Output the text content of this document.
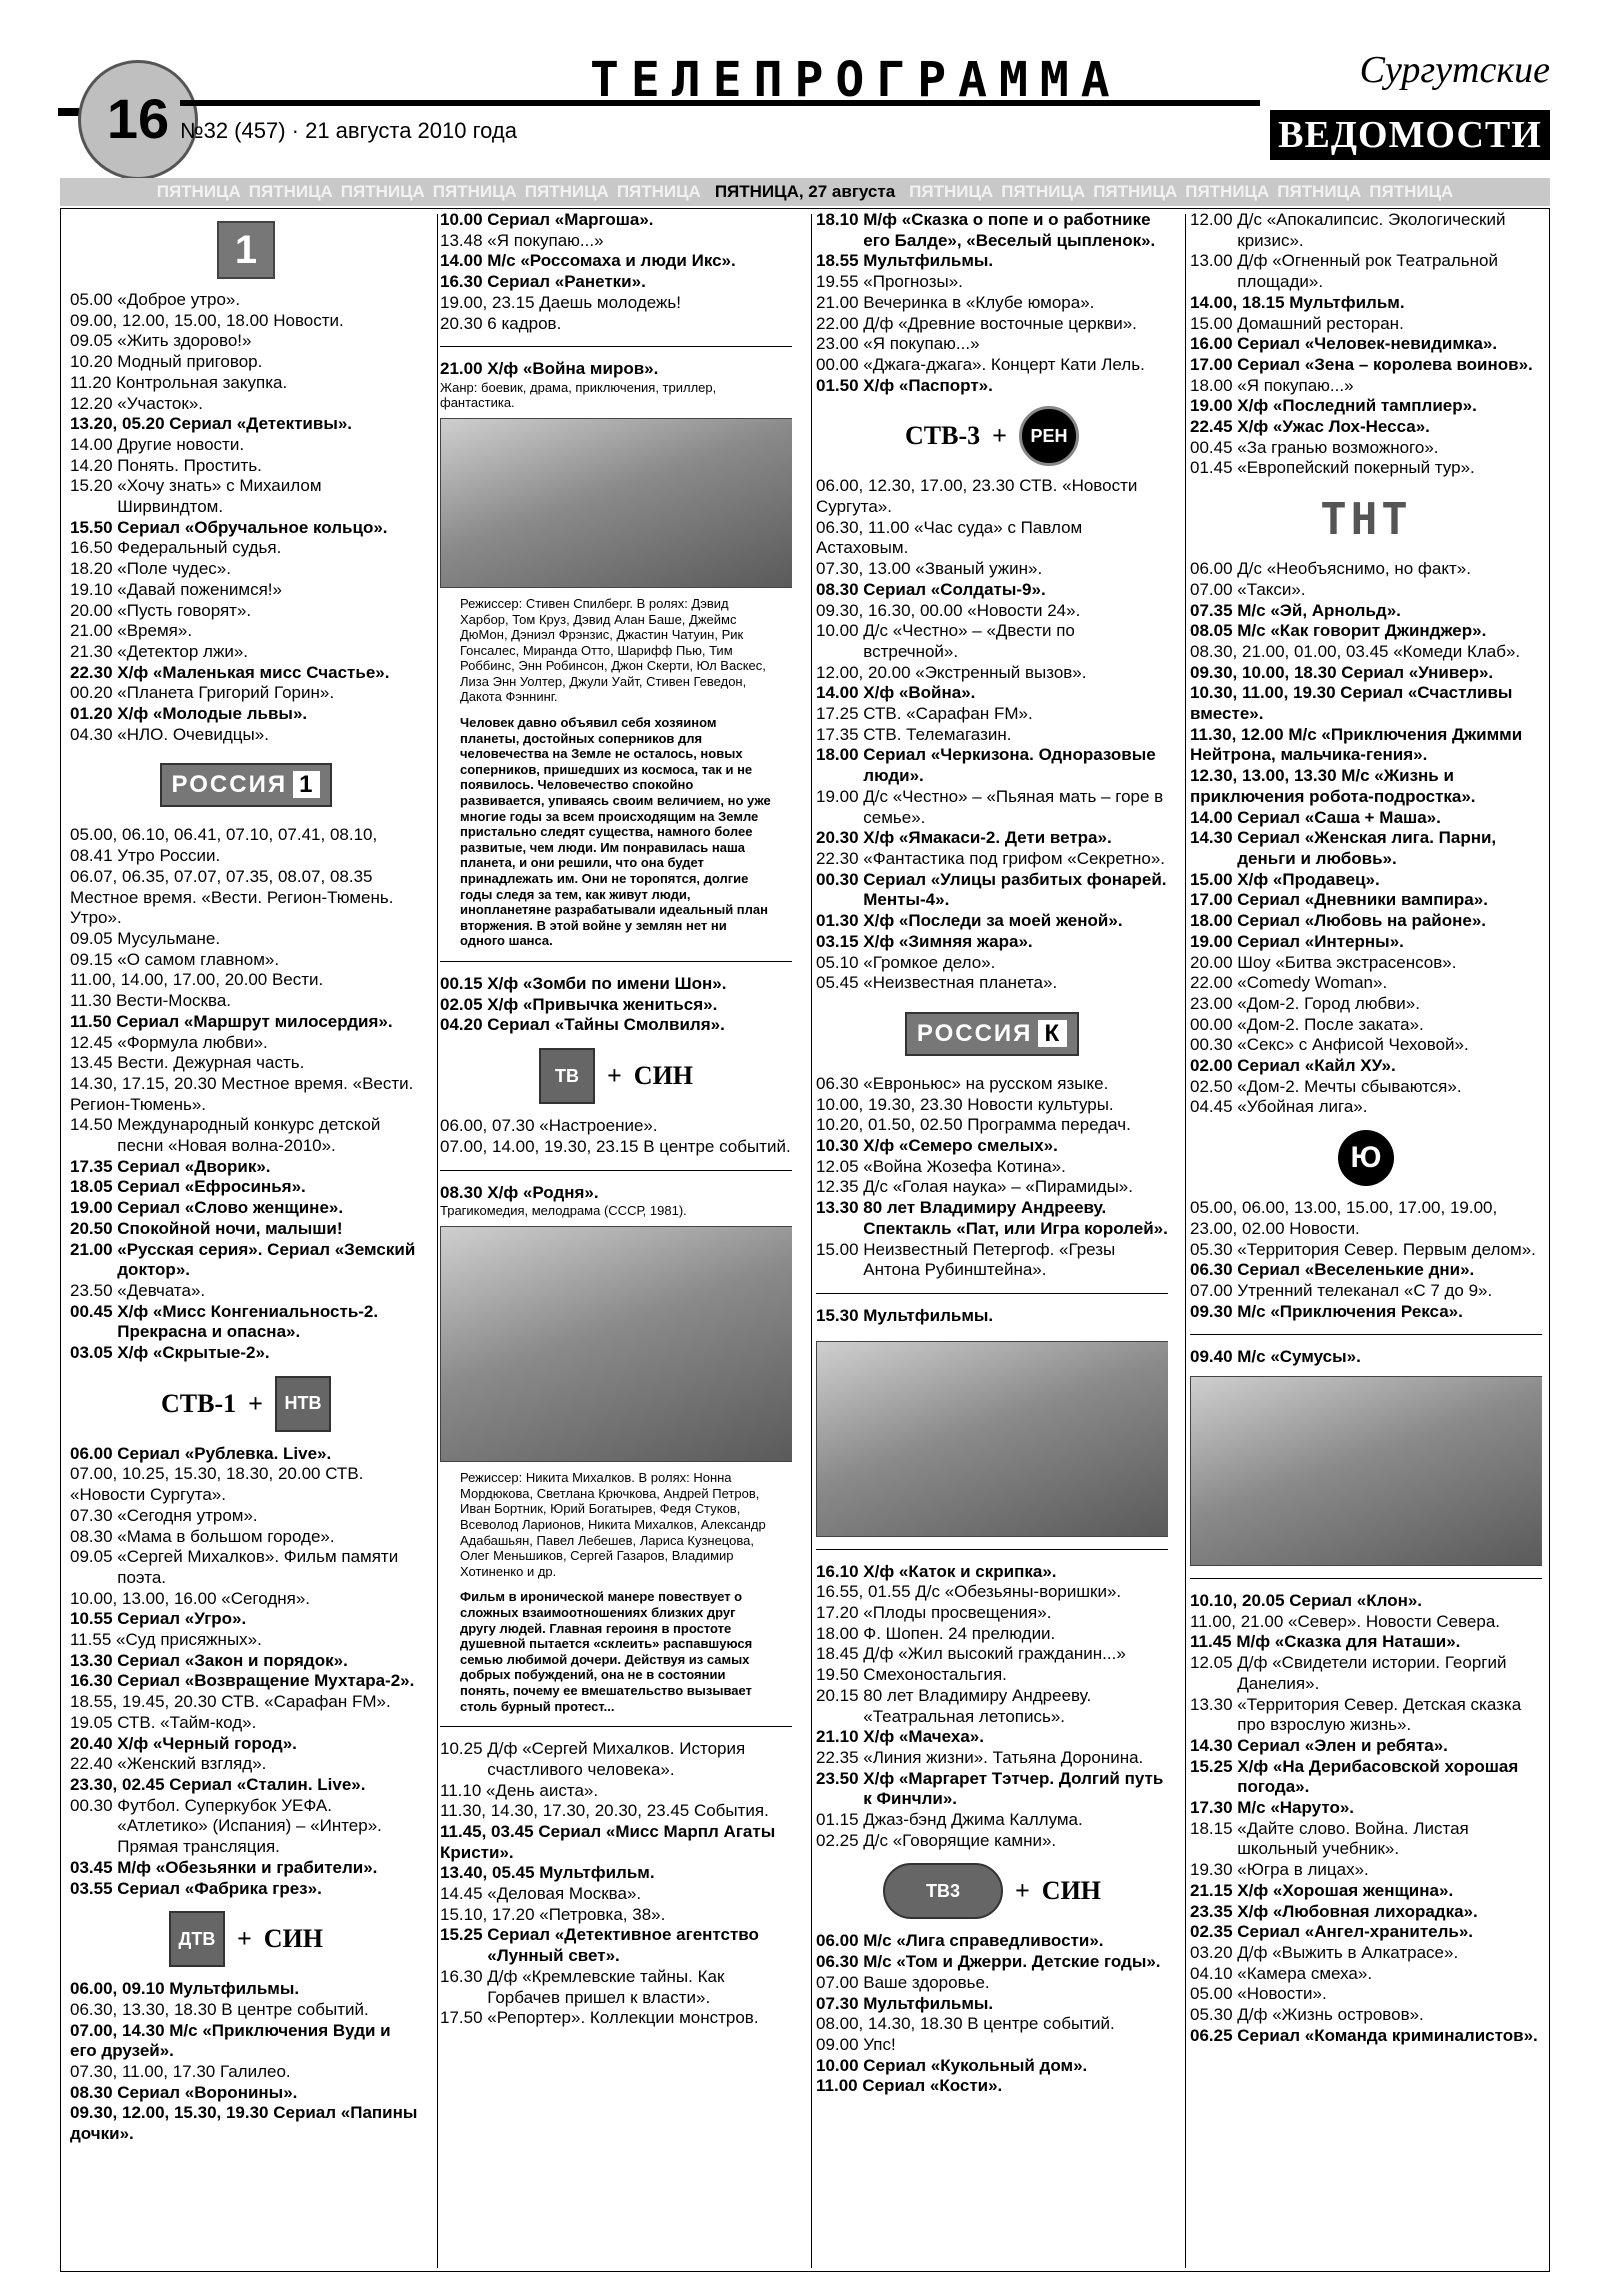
16
ТЕЛЕПРОГРАММА
№32 (457) · 21 августа 2010 года
Сургутские
ВЕДОМОСТИ
ПЯТНИЦА ПЯТНИЦА ПЯТНИЦА ПЯТНИЦА ПЯТНИЦА ПЯТНИЦА ПЯТНИЦА, 27 августа ПЯТНИЦА ПЯТНИЦА ПЯТНИЦА ПЯТНИЦА ПЯТНИЦА ПЯТНИЦА
1
05.00 «Доброе утро».
09.00, 12.00, 15.00, 18.00 Новости.
09.05 «Жить здорово!»
10.20 Модный приговор.
11.20 Контрольная закупка.
12.20 «Участок».
13.20, 05.20 Сериал «Детективы».
14.00 Другие новости.
14.20 Понять. Простить.
15.20 «Хочу знать» с Михаилом Ширвиндтом.
15.50 Сериал «Обручальное кольцо».
16.50 Федеральный судья.
18.20 «Поле чудес».
19.10 «Давай поженимся!»
20.00 «Пусть говорят».
21.00 «Время».
21.30 «Детектор лжи».
22.30 Х/ф «Маленькая мисс Счастье».
00.20 «Планета Григорий Горин».
01.20 Х/ф «Молодые львы».
04.30 «НЛО. Очевидцы».
РОССИЯ 1
05.00, 06.10, 06.41, 07.10, 07.41, 08.10, 08.41 Утро России.
06.07, 06.35, 07.07, 07.35, 08.07, 08.35 Местное время. «Вести. Регион-Тюмень. Утро».
09.05 Мусульмане.
09.15 «О самом главном».
11.00, 14.00, 17.00, 20.00 Вести.
11.30 Вести-Москва.
11.50 Сериал «Маршрут милосердия».
12.45 «Формула любви».
13.45 Вести. Дежурная часть.
14.30, 17.15, 20.30 Местное время. «Вести. Регион-Тюмень».
14.50 Международный конкурс детской песни «Новая волна-2010».
17.35 Сериал «Дворик».
18.05 Сериал «Ефросинья».
19.00 Сериал «Слово женщине».
20.50 Спокойной ночи, малыши!
21.00 «Русская серия». Сериал «Земский доктор».
23.50 «Девчата».
00.45 Х/ф «Мисс Конгениальность-2. Прекрасна и опасна».
03.05 Х/ф «Скрытые-2».
СТВ-1 +	НТВ
06.00 Сериал «Рублевка. Live».
07.00, 10.25, 15.30, 18.30, 20.00 СТВ. «Новости Сургута».
07.30 «Сегодня утром».
08.30 «Мама в большом городе».
09.05 «Сергей Михалков». Фильм памяти поэта.
10.00, 13.00, 16.00 «Сегодня».
10.55 Сериал «Угро».
11.55 «Суд присяжных».
13.30 Сериал «Закон и порядок».
16.30 Сериал «Возвращение Мухтара-2».
18.55, 19.45, 20.30 СТВ. «Сарафан FM».
19.05 СТВ. «Тайм-код».
20.40 Х/ф «Черный город».
22.40 «Женский взгляд».
23.30, 02.45 Сериал «Сталин. Live».
00.30 Футбол. Суперкубок УЕФА. «Атлетико» (Испания) – «Интер». Прямая трансляция.
03.45 М/ф «Обезьянки и грабители».
03.55 Сериал «Фабрика грез».
ДТВ + СИН
06.00, 09.10 Мультфильмы.
06.30, 13.30, 18.30 В центре событий.
07.00, 14.30 М/с «Приключения Вуди и его друзей».
07.30, 11.00, 17.30 Галилео.
08.30 Сериал «Воронины».
09.30, 12.00, 15.30, 19.30 Сериал «Папины дочки».
10.00 Сериал «Маргоша».
13.48 «Я покупаю...»
14.00 М/с «Россомаха и люди Икс».
16.30 Сериал «Ранетки».
19.00, 23.15 Даешь молодежь!
20.30 6 кадров.
21.00 Х/ф «Война миров».
Жанр: боевик, драма, приключения, триллер, фантастика.
Режиссер: Стивен Спилберг. В ролях: Дэвид Харбор, Том Круз, Дэвид Алан Баше, Джеймс ДюМон, Дэниэл Фрэнзис, Джастин Чатуин, Рик Гонсалес, Миранда Отто, Шарифф Пью, Тим Роббинс, Энн Робинсон, Джон Скерти, Юл Васкес, Лиза Энн Уолтер, Джули Уайт, Стивен Геведон, Дакота Фэннинг.
Человек давно объявил себя хозяином планеты, достойных соперников для человечества на Земле не осталось, новых соперников, пришедших из космоса, так и не появилось. Человечество спокойно развивается, упиваясь своим величием, но уже многие годы за всем происходящим на Земле пристально следят существа, намного более развитые, чем люди. Им понравилась наша планета, и они решили, что она будет принадлежать им. Они не торопятся, долгие годы следя за тем, как живут люди, инопланетяне разрабатывали идеальный план вторжения. В этой войне у землян нет ни одного шанса.
00.15 Х/ф «Зомби по имени Шон».
02.05 Х/ф «Привычка жениться».
04.20 Сериал «Тайны Смолвиля».
ТВ	+ СИН
06.00, 07.30 «Настроение».
07.00, 14.00, 19.30, 23.15 В центре событий.
08.30 Х/ф «Родня».
Трагикомедия, мелодрама (СССР, 1981).
Режиссер: Никита Михалков. В ролях: Нонна Мордюкова, Светлана Крючкова, Андрей Петров, Иван Бортник, Юрий Богатырев, Федя Стуков, Всеволод Ларионов, Никита Михалков, Александр Адабашьян, Павел Лебешев, Лариса Кузнецова, Олег Меньшиков, Сергей Газаров, Владимир Хотиненко и др.
Фильм в иронической манере повествует о сложных взаимоотношениях близких друг другу людей. Главная героиня в простоте душевной пытается «склеить» распавшуюся семью любимой дочери. Действуя из самых добрых побуждений, она не в состоянии понять, почему ее вмешательство вызывает столь бурный протест...
10.25 Д/ф «Сергей Михалков. История счастливого человека».
11.10 «День аиста».
11.30, 14.30, 17.30, 20.30, 23.45 События.
11.45, 03.45 Сериал «Мисс Марпл Агаты Кристи».
13.40, 05.45 Мультфильм.
14.45 «Деловая Москва».
15.10, 17.20 «Петровка, 38».
15.25 Сериал «Детективное агентство «Лунный свет».
16.30 Д/ф «Кремлевские тайны. Как Горбачев пришел к власти».
17.50 «Репортер». Коллекции монстров.
18.10 М/ф «Сказка о попе и о работнике его Балде», «Веселый цыпленок».
18.55 Мультфильмы.
19.55 «Прогнозы».
21.00 Вечеринка в «Клубе юмора».
22.00 Д/ф «Древние восточные церкви».
23.00 «Я покупаю...»
00.00 «Джага-джага». Концерт Кати Лель.
01.50 Х/ф «Паспорт».
СТВ-3 +	РЕН
06.00, 12.30, 17.00, 23.30 СТВ. «Новости Сургута».
06.30, 11.00 «Час суда» с Павлом Астаховым.
07.30, 13.00 «Званый ужин».
08.30 Сериал «Солдаты-9».
09.30, 16.30, 00.00 «Новости 24».
10.00 Д/с «Честно» – «Двести по встречной».
12.00, 20.00 «Экстренный вызов».
14.00 Х/ф «Война».
17.25 СТВ. «Сарафан FM».
17.35 СТВ. Телемагазин.
18.00 Сериал «Черкизона. Одноразовые люди».
19.00 Д/с «Честно» – «Пьяная мать – горе в семье».
20.30 Х/ф «Ямакаси-2. Дети ветра».
22.30 «Фантастика под грифом «Секретно».
00.30 Сериал «Улицы разбитых фонарей. Менты-4».
01.30 Х/ф «Последи за моей женой».
03.15 Х/ф «Зимняя жара».
05.10 «Громкое дело».
05.45 «Неизвестная планета».
РОССИЯ К
06.30 «Евроньюс» на русском языке.
10.00, 19.30, 23.30 Новости культуры.
10.20, 01.50, 02.50 Программа передач.
10.30 Х/ф «Семеро смелых».
12.05 «Война Жозефа Котина».
12.35 Д/с «Голая наука» – «Пирамиды».
13.30 80 лет Владимиру Андрееву. Спектакль «Пат, или Игра королей».
15.00 Неизвестный Петергоф. «Грезы Антона Рубинштейна».
15.30 Мультфильмы.
16.10 Х/ф «Каток и скрипка».
16.55, 01.55 Д/с «Обезьяны-воришки».
17.20 «Плоды просвещения».
18.00 Ф. Шопен. 24 прелюдии.
18.45 Д/ф «Жил высокий гражданин...»
19.50 Смехоностальгия.
20.15 80 лет Владимиру Андрееву. «Театральная летопись».
21.10 Х/ф «Мачеха».
22.35 «Линия жизни». Татьяна Доронина.
23.50 Х/ф «Маргарет Тэтчер. Долгий путь к Финчли».
01.15 Джаз-бэнд Джима Каллума.
02.25 Д/с «Говорящие камни».
ТВ3	+ СИН
06.00 М/с «Лига справедливости».
06.30 М/с «Том и Джерри. Детские годы».
07.00 Ваше здоровье.
07.30 Мультфильмы.
08.00, 14.30, 18.30 В центре событий.
09.00 Упс!
10.00 Сериал «Кукольный дом».
11.00 Сериал «Кости».
12.00 Д/с «Апокалипсис. Экологический кризис».
13.00 Д/ф «Огненный рок Театральной площади».
14.00, 18.15 Мультфильм.
15.00 Домашний ресторан.
16.00 Сериал «Человек-невидимка».
17.00 Сериал «Зена – королева воинов».
18.00 «Я покупаю...»
19.00 Х/ф «Последний тамплиер».
22.45 Х/ф «Ужас Лох-Несса».
00.45 «За гранью возможного».
01.45 «Европейский покерный тур».
ТНТ
06.00 Д/с «Необъяснимо, но факт».
07.00 «Такси».
07.35 М/с «Эй, Арнольд».
08.05 М/с «Как говорит Джинджер».
08.30, 21.00, 01.00, 03.45 «Комеди Клаб».
09.30, 10.00, 18.30 Сериал «Универ».
10.30, 11.00, 19.30 Сериал «Счастливы вместе».
11.30, 12.00 М/с «Приключения Джимми Нейтрона, мальчика-гения».
12.30, 13.00, 13.30 М/с «Жизнь и приключения робота-подростка».
14.00 Сериал «Саша + Маша».
14.30 Сериал «Женская лига. Парни, деньги и любовь».
15.00 Х/ф «Продавец».
17.00 Сериал «Дневники вампира».
18.00 Сериал «Любовь на районе».
19.00 Сериал «Интерны».
20.00 Шоу «Битва экстрасенсов».
22.00 «Comedy Woman».
23.00 «Дом-2. Город любви».
00.00 «Дом-2. После заката».
00.30 «Секс» с Анфисой Чеховой».
02.00 Сериал «Кайл ХУ».
02.50 «Дом-2. Мечты сбываются».
04.45 «Убойная лига».
Ю
05.00, 06.00, 13.00, 15.00, 17.00, 19.00, 23.00, 02.00 Новости.
05.30 «Территория Север. Первым делом».
06.30 Сериал «Веселенькие дни».
07.00 Утренний телеканал «С 7 до 9».
09.30 М/с «Приключения Рекса».
09.40 М/с «Сумусы».
10.10, 20.05 Сериал «Клон».
11.00, 21.00 «Север». Новости Севера.
11.45 М/ф «Сказка для Наташи».
12.05 Д/ф «Свидетели истории. Георгий Данелия».
13.30 «Территория Север. Детская сказка про взрослую жизнь».
14.30 Сериал «Элен и ребята».
15.25 Х/ф «На Дерибасовской хорошая погода».
17.30 М/с «Наруто».
18.15 «Дайте слово. Война. Листая школьный учебник».
19.30 «Югра в лицах».
21.15 Х/ф «Хорошая женщина».
23.35 Х/ф «Любовная лихорадка».
02.35 Сериал «Ангел-хранитель».
03.20 Д/ф «Выжить в Алкатрасе».
04.10 «Камера смеха».
05.00 «Новости».
05.30 Д/ф «Жизнь островов».
06.25 Сериал «Команда криминалистов».
